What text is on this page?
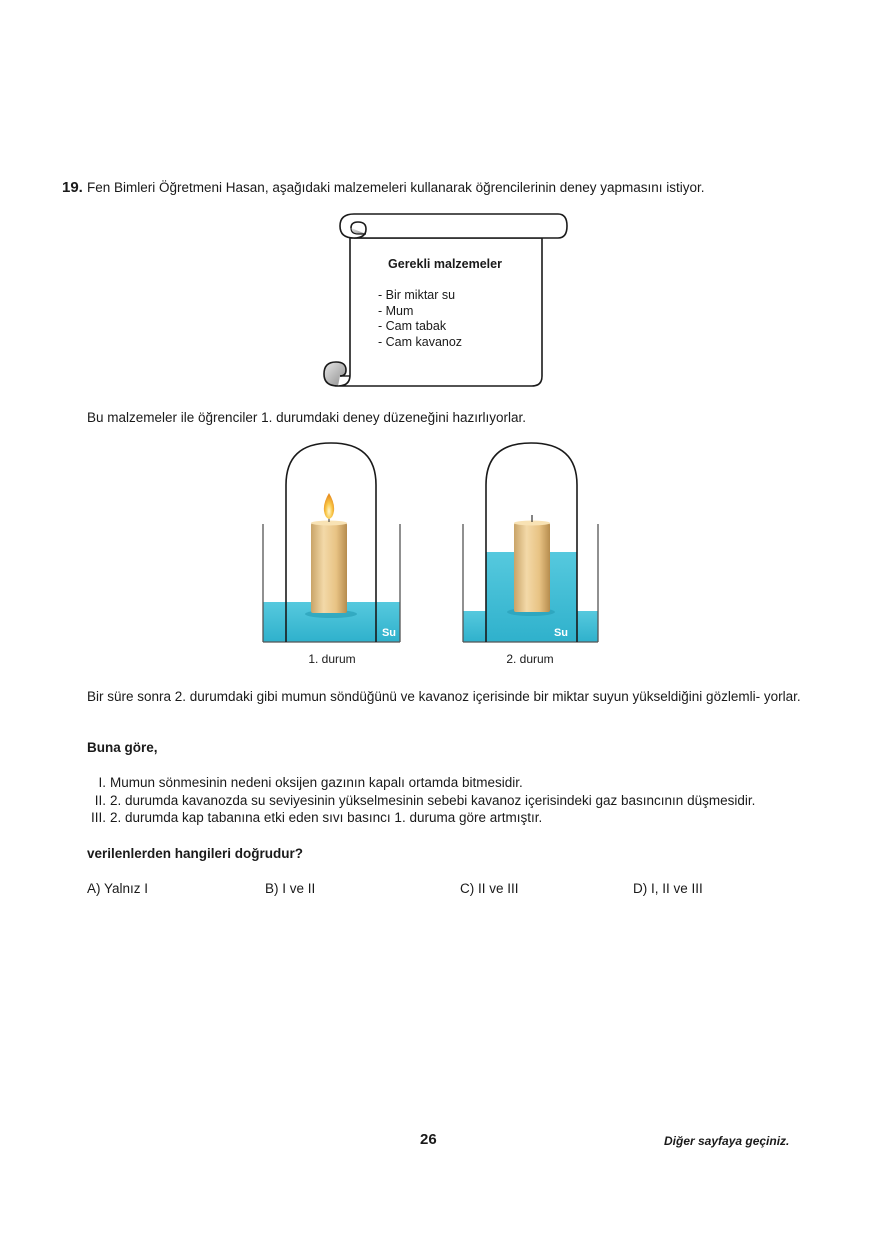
19. Fen Bimleri Öğretmeni Hasan, aşağıdaki malzemeleri kullanarak öğrencilerinin deney yapmasını istiyor.
Gerekli malzemeler
- Bir miktar su
- Mum
- Cam tabak
- Cam kavanoz
Bu malzemeler ile öğrenciler 1. durumdaki deney düzeneğini hazırlıyorlar.
Su	Su
1. durum	2. durum
Bir süre sonra 2. durumdaki gibi mumun söndüğünü ve kavanoz içerisinde bir miktar suyun yükseldiğini gözlemli- yorlar.
Buna göre,
I. Mumun sönmesinin nedeni oksijen gazının kapalı ortamda bitmesidir.
II. 2. durumda kavanozda su seviyesinin yükselmesinin sebebi kavanoz içerisindeki gaz basıncının düşmesidir.
III. 2. durumda kap tabanına etki eden sıvı basıncı 1. duruma göre artmıştır.
verilenlerden hangileri doğrudur?
A) Yalnız I	B) I ve II	C) II ve III	D) I, II ve III
26	Diğer sayfaya geçiniz.
